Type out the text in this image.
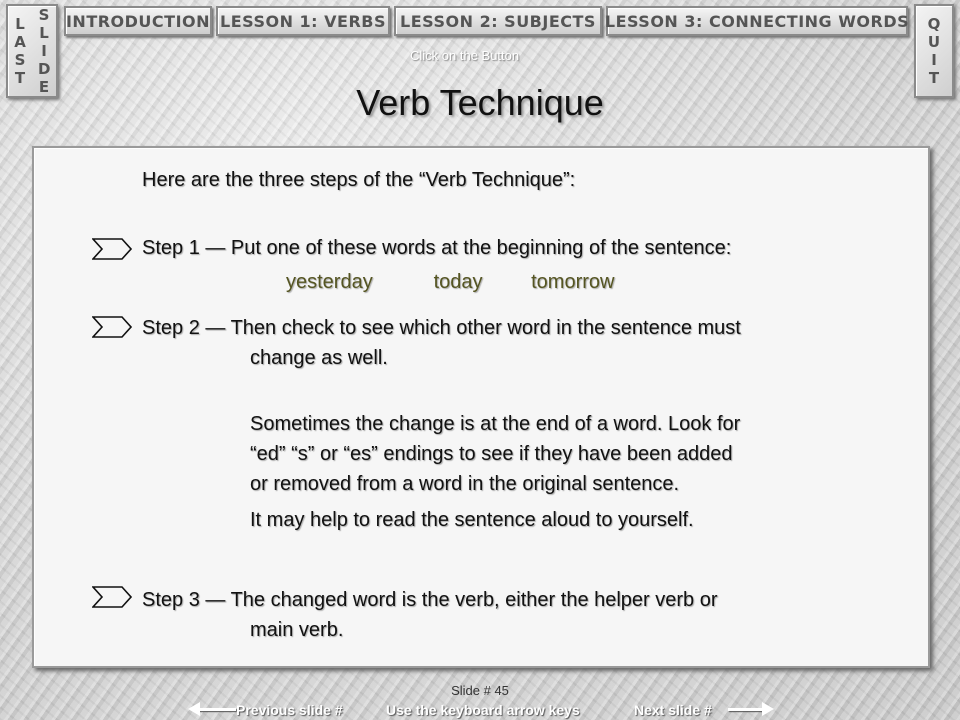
L
A
S
T
S
L
I
D
E
INTRODUCTION LESSON 1: VERBS LESSON 2: SUBJECTS LESSON 3: CONNECTING WORDS	Q
U
I
T
Click on the Button
Verb Technique
Here are the three steps of the “Verb Technique”:
Step 1 — Put one of these words at the beginning of the sentence:
yesterday	today tomorrow
Step 2 — Then check to see which other word in the sentence must
change as well.
Sometimes the change is at the end of a word. Look for
“ed” “s” or “es” endings to see if they have been added
or removed from a word in the original sentence.
It may help to read the sentence aloud to yourself.
Step 3 — The changed word is the verb, either the helper verb or
main verb.
Slide # 45
Previous slide #	Use the keyboard arrow keys	Next slide #
